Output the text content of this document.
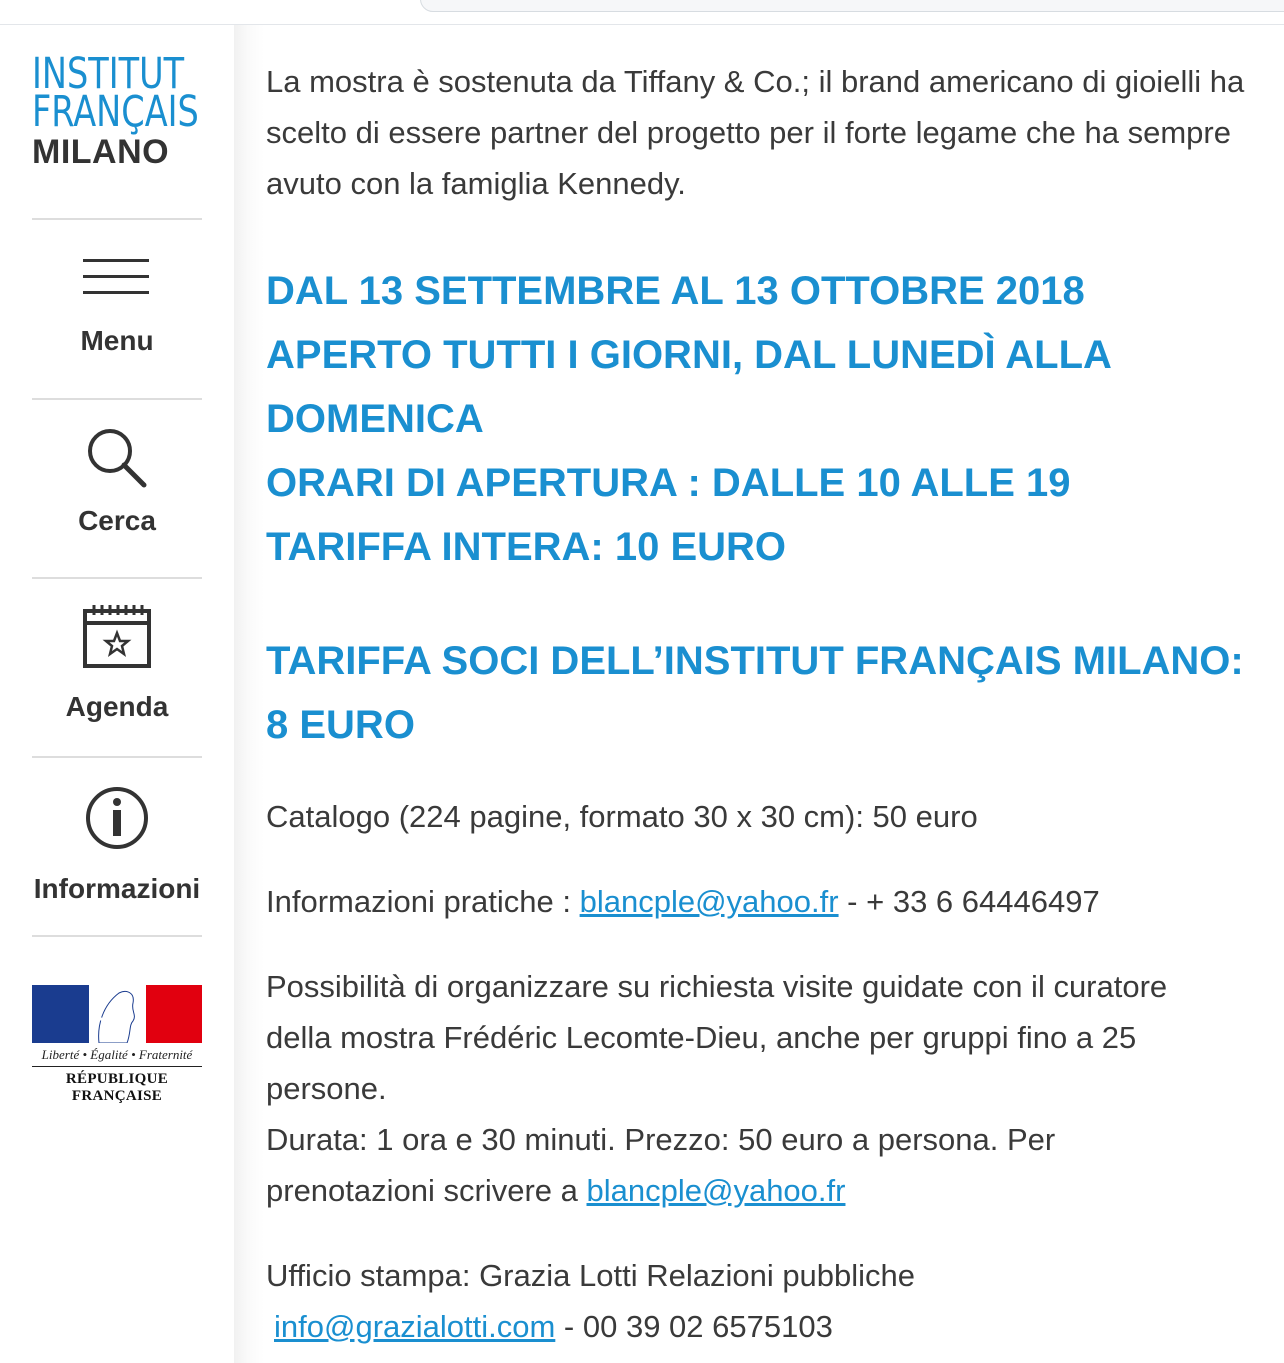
INSTITUT
FRANÇAIS
MILANO
Menu
Cerca
Agenda
Informazioni
Liberté • Égalité • Fraternité
RÉPUBLIQUE FRANÇAISE
La mostra è sostenuta da Tiffany & Co.; il brand americano di gioielli ha scelto di essere partner del progetto per il forte legame che ha sempre avuto con la famiglia Kennedy.
DAL 13 SETTEMBRE AL 13 OTTOBRE 2018
APERTO TUTTI I GIORNI, DAL LUNEDÌ ALLA DOMENICA
ORARI DI APERTURA : DALLE 10 ALLE 19
TARIFFA INTERA: 10 EURO
TARIFFA SOCI DELL’INSTITUT FRANÇAIS MILANO: 8 EURO
Catalogo (224 pagine, formato 30 x 30 cm): 50 euro
Informazioni pratiche : blancple@yahoo.fr - + 33 6 64446497
Possibilità di organizzare su richiesta visite guidate con il curatore della mostra Frédéric Lecomte-Dieu, anche per gruppi fino a 25 persone.
Durata: 1 ora e 30 minuti. Prezzo: 50 euro a persona. Per prenotazioni scrivere a blancple@yahoo.fr
Ufficio stampa: Grazia Lotti Relazioni pubbliche
info@grazialotti.com - 00 39 02 6575103
